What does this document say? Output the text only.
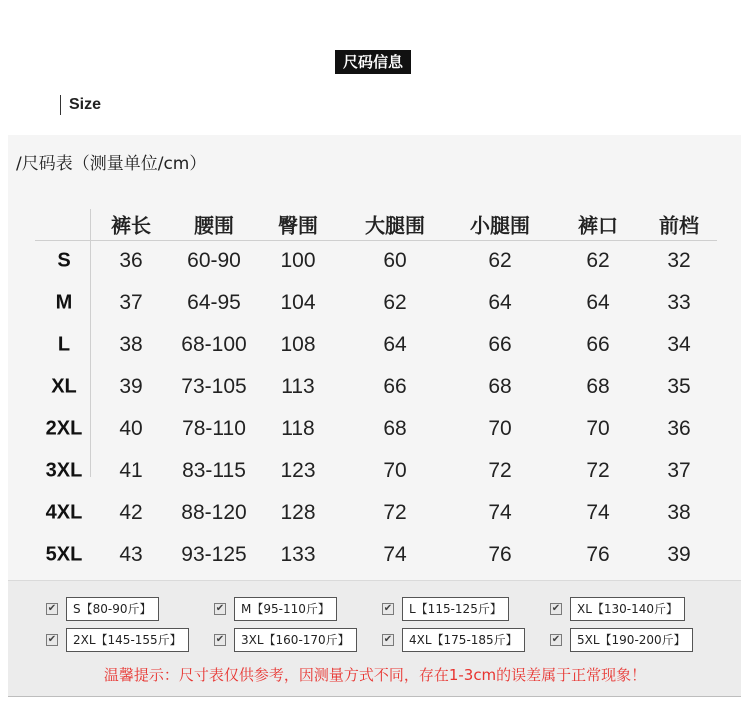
尺码信息
Size
/尺码表（测量单位/cm）
裤长 腰围 臀围 大腿围 小腿围 裤口 前档
S 36 60-90 100	60	62	62	32
M 37 64-95 104	62	64	64	33
L 38 68-100 108	64	66	66	34
XL 39 73-105 113	66	68	68	35
2XL 40 78-110 118	68	70	70	36
3XL 41 83-115 123	70	72	72	37
4XL 42 88-120 128	72	74	74	38
5XL 43 93-125 133	74	76	76	39
✔	S【80-90斤】	✔	M【95-110斤】	✔	L【115-125斤】	✔	XL【130-140斤】
✔	2XL【145-155斤】	✔	3XL【160-170斤】	✔	4XL【175-185斤】	✔	5XL【190-200斤】
温馨提示：尺寸表仅供参考，因测量方式不同，存在1-3cm的误差属于正常现象！
